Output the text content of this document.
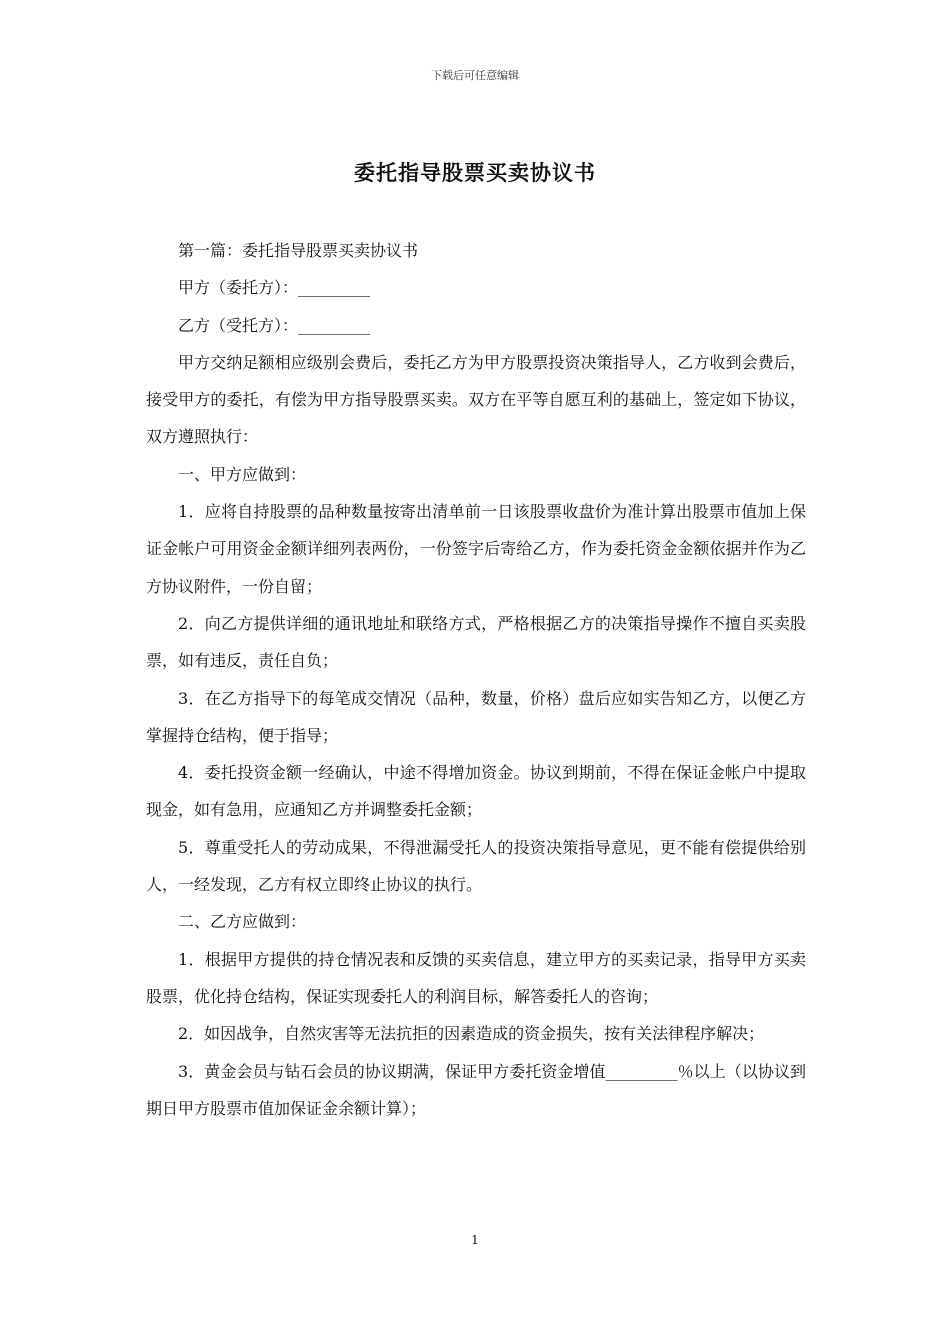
下载后可任意编辑
委托指导股票买卖协议书

第一篇：委托指导股票买卖协议书

甲方（委托方）：_________

乙方（受托方）：_________

甲方交纳足额相应级别会费后，委托乙方为甲方股票投资决策指导人，乙方收到会费后，接受甲方的委托，有偿为甲方指导股票买卖。双方在平等自愿互利的基础上，签定如下协议，双方遵照执行：

一、甲方应做到：

1．应将自持股票的品种数量按寄出清单前一日该股票收盘价为准计算出股票市值加上保证金帐户可用资金金额详细列表两份，一份签字后寄给乙方，作为委托资金金额依据并作为乙方协议附件，一份自留；

2．向乙方提供详细的通讯地址和联络方式，严格根据乙方的决策指导操作不擅自买卖股票，如有违反，责任自负；

3．在乙方指导下的每笔成交情况（品种，数量，价格）盘后应如实告知乙方，以便乙方掌握持仓结构，便于指导；

4．委托投资金额一经确认，中途不得增加资金。协议到期前，不得在保证金帐户中提取现金，如有急用，应通知乙方并调整委托金额；

5．尊重受托人的劳动成果，不得泄漏受托人的投资决策指导意见，更不能有偿提供给别人，一经发现，乙方有权立即终止协议的执行。

二、乙方应做到：

1．根据甲方提供的持仓情况表和反馈的买卖信息，建立甲方的买卖记录，指导甲方买卖股票，优化持仓结构，保证实现委托人的利润目标，解答委托人的咨询；

2．如因战争，自然灾害等无法抗拒的因素造成的资金损失，按有关法律程序解决；

3．黄金会员与钻石会员的协议期满，保证甲方委托资金增值_________％以上（以协议到期日甲方股票市值加保证金余额计算）；

1
